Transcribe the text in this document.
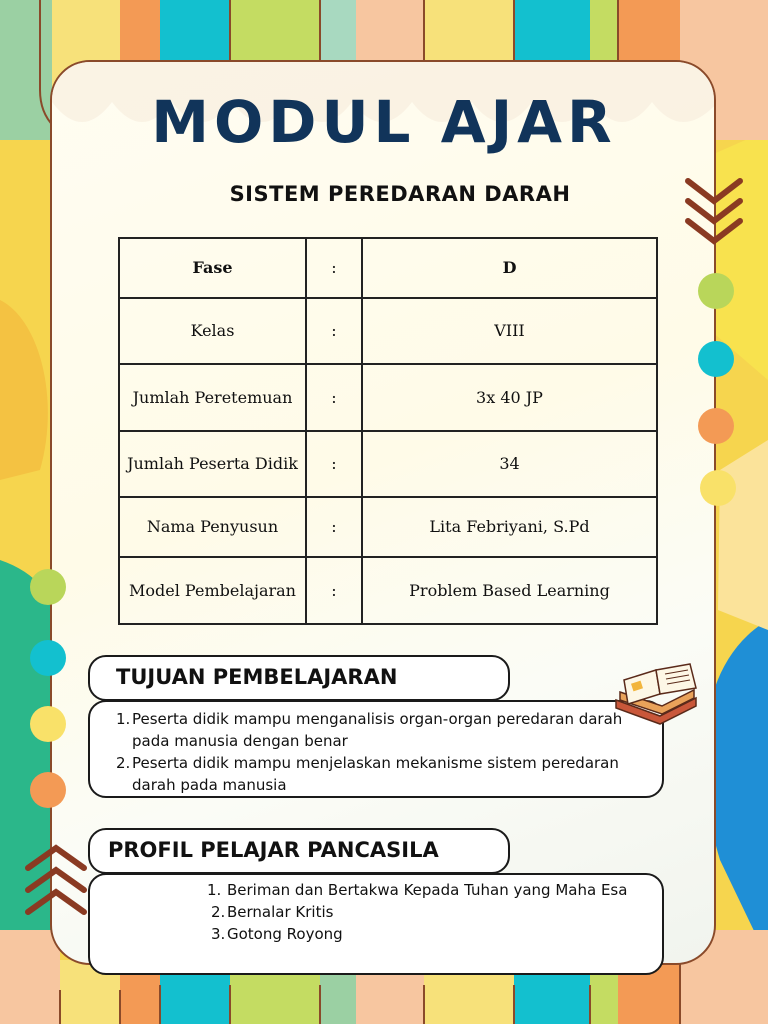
MODUL AJAR
SISTEM PEREDARAN DARAH
Fase	:	D
Kelas	:	VIII
Jumlah Peretemuan	:	3x 40 JP
Jumlah Peserta Didik	:	34
Nama Penyusun	:	Lita Febriyani, S.Pd
Model Pembelajaran	:	Problem Based Learning
1. Peserta didik mampu menganalisis organ-organ peredaran darah pada manusia dengan benar
2. Peserta didik mampu menjelaskan mekanisme sistem peredaran darah pada manusia
TUJUAN PEMBELAJARAN
1. Beriman dan Bertakwa Kepada Tuhan yang Maha Esa
2. Bernalar Kritis
3. Gotong Royong
PROFIL PELAJAR PANCASILA
